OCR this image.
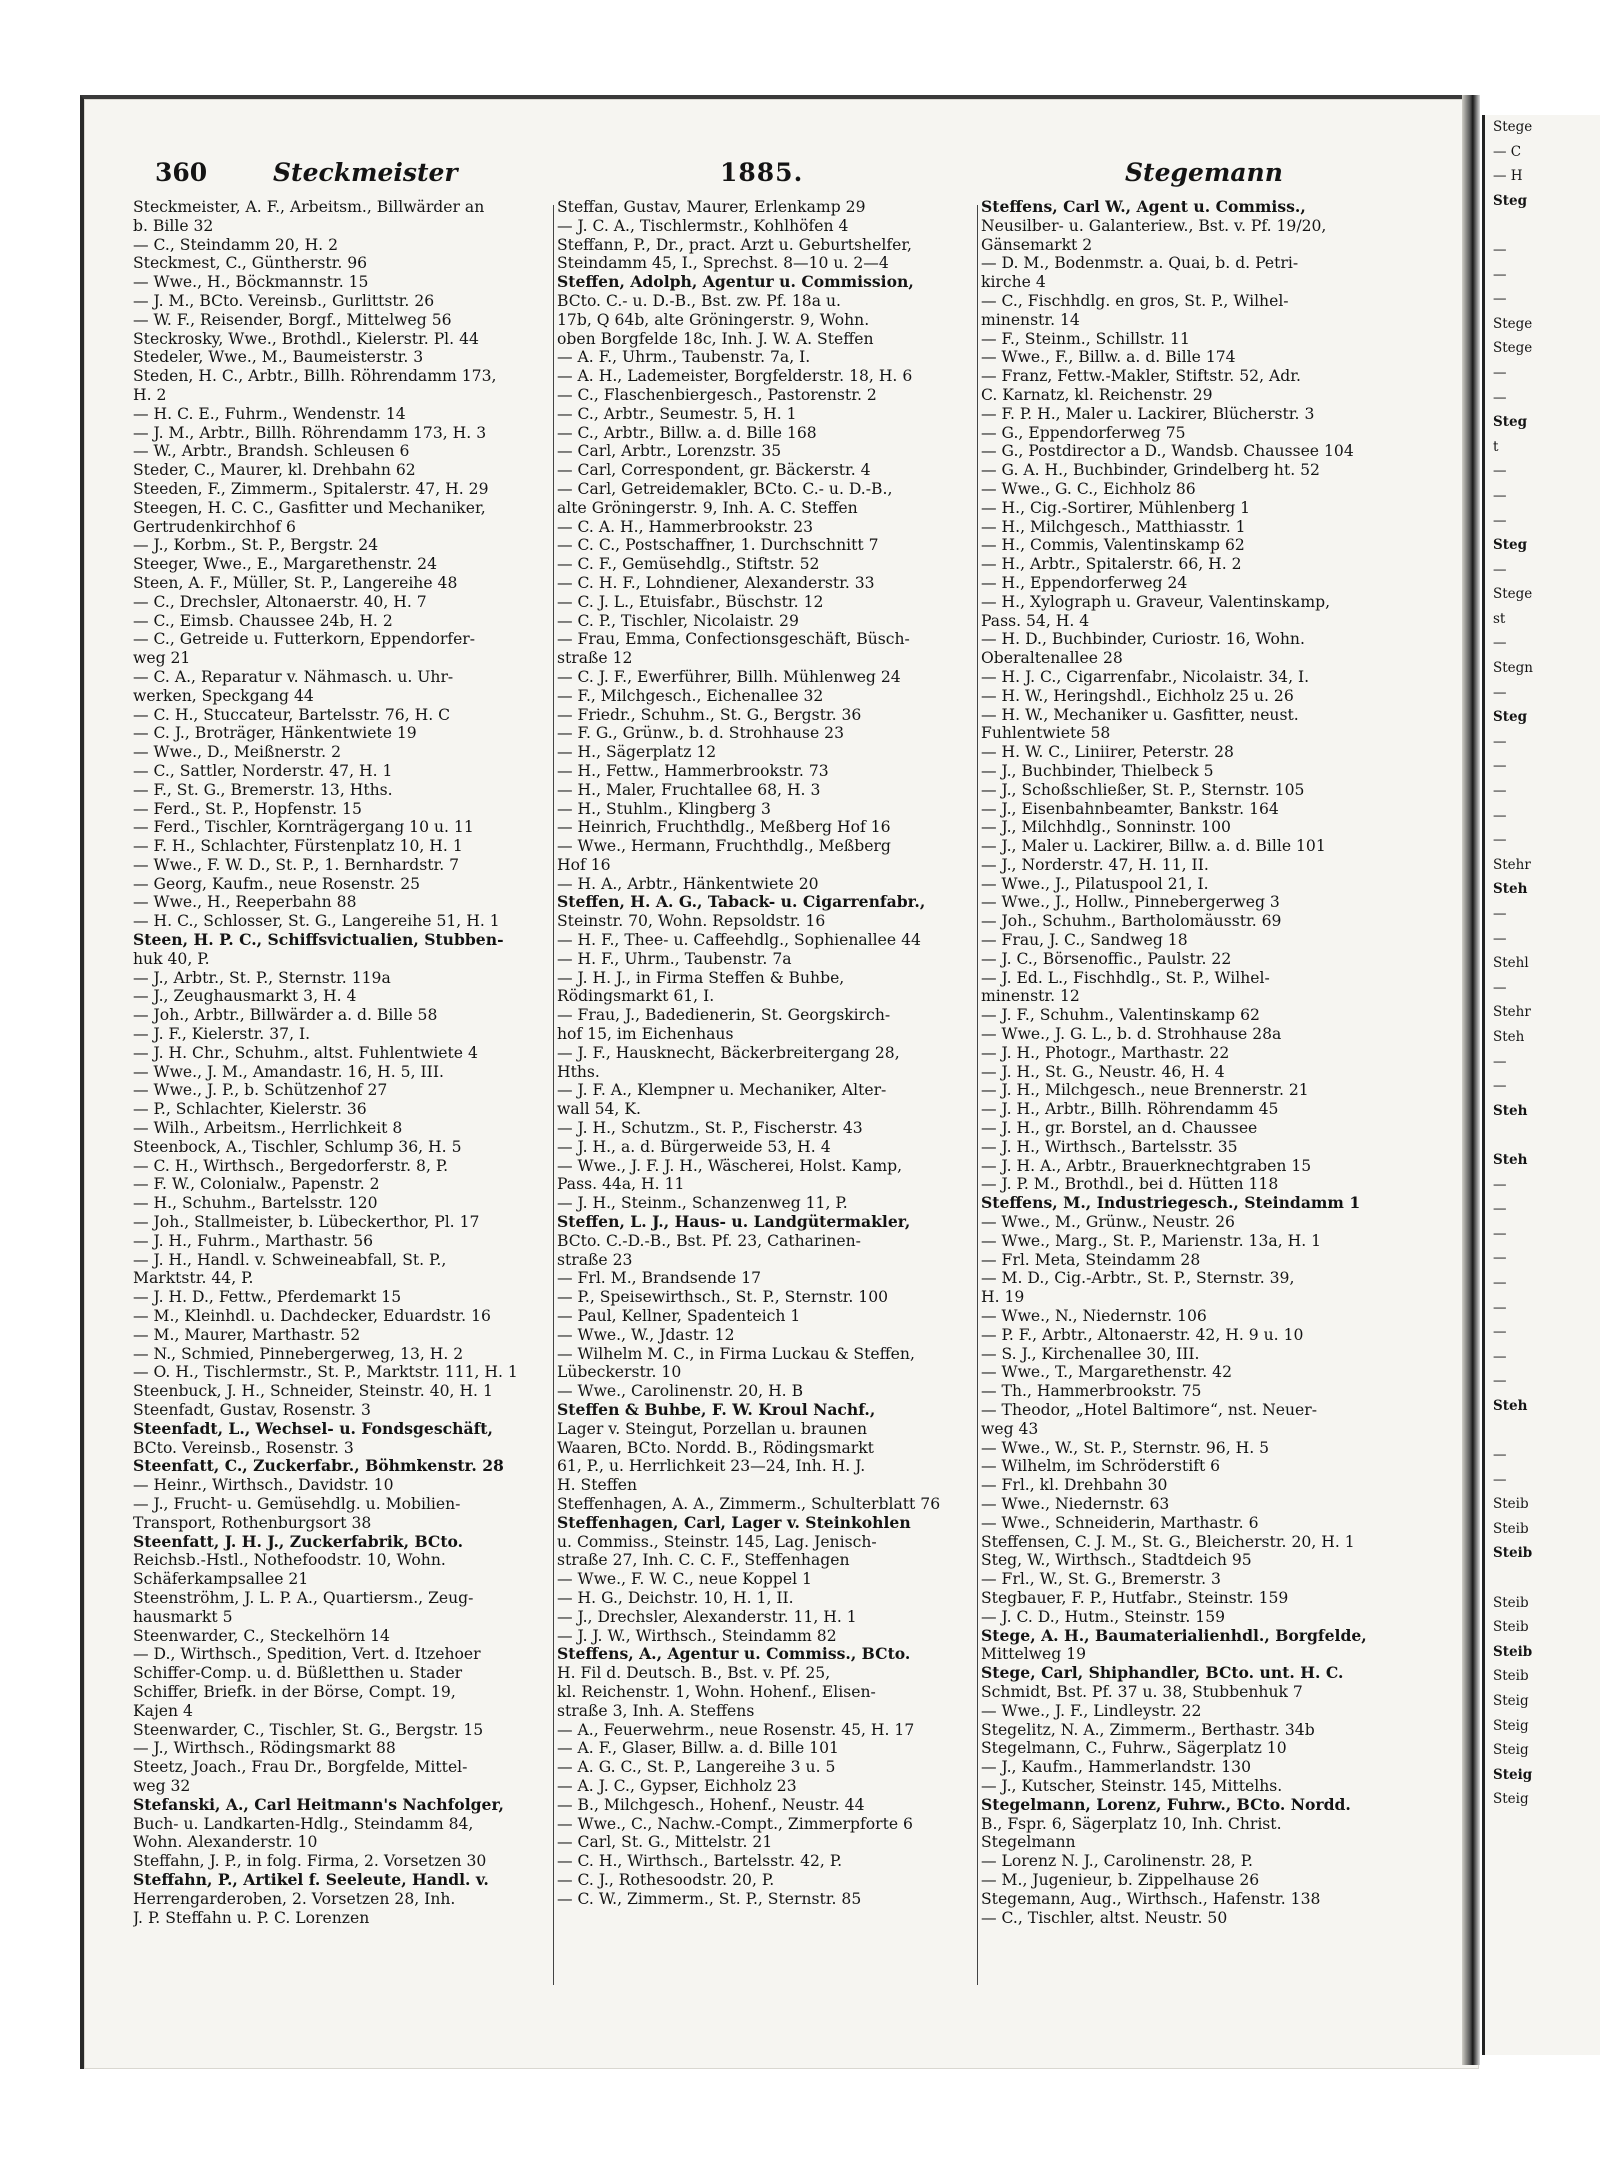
Stege
— C
— H
Steg

—
—
—
Stege
Stege
—
—
Steg
t
—
—
—
Steg
—
Stege
st
—
Stegn
—
Steg
—
—
—
—
—
Stehr
Steh
—
—
Stehl
—
Stehr
Steh
—
—
Steh

Steh
—
—
—
—
—
—
—
—
—
Steh

—
—
Steib
Steib
Steib

Steib
Steib
Steib
Steib
Steig
Steig
Steig
Steig
Steig
360	Steckmeister	1885.	Stegemann
Steckmeister, A. F., Arbeitsm., Billwärder an
b. Bille 32
— C., Steindamm 20, H. 2
Steckmest, C., Güntherstr. 96
— Wwe., H., Böckmannstr. 15
— J. M., BCto. Vereinsb., Gurlittstr. 26
— W. F., Reisender, Borgf., Mittelweg 56
Steckrosky, Wwe., Brothdl., Kielerstr. Pl. 44
Stedeler, Wwe., M., Baumeisterstr. 3
Steden, H. C., Arbtr., Billh. Röhrendamm 173,
H. 2
— H. C. E., Fuhrm., Wendenstr. 14
— J. M., Arbtr., Billh. Röhrendamm 173, H. 3
— W., Arbtr., Brandsh. Schleusen 6
Steder, C., Maurer, kl. Drehbahn 62
Steeden, F., Zimmerm., Spitalerstr. 47, H. 29
Steegen, H. C. C., Gasfitter und Mechaniker,
Gertrudenkirchhof 6
— J., Korbm., St. P., Bergstr. 24
Steeger, Wwe., E., Margarethenstr. 24
Steen, A. F., Müller, St. P., Langereihe 48
— C., Drechsler, Altonaerstr. 40, H. 7
— C., Eimsb. Chaussee 24b, H. 2
— C., Getreide u. Futterkorn, Eppendorfer-
weg 21
— C. A., Reparatur v. Nähmasch. u. Uhr-
werken, Speckgang 44
— C. H., Stuccateur, Bartelsstr. 76, H. C
— C. J., Broträger, Hänkentwiete 19
— Wwe., D., Meißnerstr. 2
— C., Sattler, Norderstr. 47, H. 1
— F., St. G., Bremerstr. 13, Hths.
— Ferd., St. P., Hopfenstr. 15
— Ferd., Tischler, Kornträgergang 10 u. 11
— F. H., Schlachter, Fürstenplatz 10, H. 1
— Wwe., F. W. D., St. P., 1. Bernhardstr. 7
— Georg, Kaufm., neue Rosenstr. 25
— Wwe., H., Reeperbahn 88
— H. C., Schlosser, St. G., Langereihe 51, H. 1
Steen, H. P. C., Schiffsvictualien, Stubben-
huk 40, P.
— J., Arbtr., St. P., Sternstr. 119a
— J., Zeughausmarkt 3, H. 4
— Joh., Arbtr., Billwärder a. d. Bille 58
— J. F., Kielerstr. 37, I.
— J. H. Chr., Schuhm., altst. Fuhlentwiete 4
— Wwe., J. M., Amandastr. 16, H. 5, III.
— Wwe., J. P., b. Schützenhof 27
— P., Schlachter, Kielerstr. 36
— Wilh., Arbeitsm., Herrlichkeit 8
Steenbock, A., Tischler, Schlump 36, H. 5
— C. H., Wirthsch., Bergedorferstr. 8, P.
— F. W., Colonialw., Papenstr. 2
— H., Schuhm., Bartelsstr. 120
— Joh., Stallmeister, b. Lübeckerthor, Pl. 17
— J. H., Fuhrm., Marthastr. 56
— J. H., Handl. v. Schweineabfall, St. P.,
Marktstr. 44, P.
— J. H. D., Fettw., Pferdemarkt 15
— M., Kleinhdl. u. Dachdecker, Eduardstr. 16
— M., Maurer, Marthastr. 52
— N., Schmied, Pinnebergerweg, 13, H. 2
— O. H., Tischlermstr., St. P., Marktstr. 111, H. 1
Steenbuck, J. H., Schneider, Steinstr. 40, H. 1
Steenfadt, Gustav, Rosenstr. 3
Steenfadt, L., Wechsel- u. Fondsgeschäft,
BCto. Vereinsb., Rosenstr. 3
Steenfatt, C., Zuckerfabr., Böhmkenstr. 28
— Heinr., Wirthsch., Davidstr. 10
— J., Frucht- u. Gemüsehdlg. u. Mobilien-
Transport, Rothenburgsort 38
Steenfatt, J. H. J., Zuckerfabrik, BCto.
Reichsb.-Hstl., Nothefoodstr. 10, Wohn.
Schäferkampsallee 21
Steenströhm, J. L. P. A., Quartiersm., Zeug-
hausmarkt 5
Steenwarder, C., Steckelhörn 14
— D., Wirthsch., Spedition, Vert. d. Itzehoer
Schiffer-Comp. u. d. Büßletthen u. Stader
Schiffer, Briefk. in der Börse, Compt. 19,
Kajen 4
Steenwarder, C., Tischler, St. G., Bergstr. 15
— J., Wirthsch., Rödingsmarkt 88
Steetz, Joach., Frau Dr., Borgfelde, Mittel-
weg 32
Stefanski, A., Carl Heitmann's Nachfolger,
Buch- u. Landkarten-Hdlg., Steindamm 84,
Wohn. Alexanderstr. 10
Steffahn, J. P., in folg. Firma, 2. Vorsetzen 30
Steffahn, P., Artikel f. Seeleute, Handl. v.
Herrengarderoben, 2. Vorsetzen 28, Inh.
J. P. Steffahn u. P. C. Lorenzen
Steffan, Gustav, Maurer, Erlenkamp 29
— J. C. A., Tischlermstr., Kohlhöfen 4
Steffann, P., Dr., pract. Arzt u. Geburtshelfer,
Steindamm 45, I., Sprechst. 8—10 u. 2—4
Steffen, Adolph, Agentur u. Commission,
BCto. C.- u. D.-B., Bst. zw. Pf. 18a u.
17b, Q 64b, alte Gröningerstr. 9, Wohn.
oben Borgfelde 18c, Inh. J. W. A. Steffen
— A. F., Uhrm., Taubenstr. 7a, I.
— A. H., Lademeister, Borgfelderstr. 18, H. 6
— C., Flaschenbiergesch., Pastorenstr. 2
— C., Arbtr., Seumestr. 5, H. 1
— C., Arbtr., Billw. a. d. Bille 168
— Carl, Arbtr., Lorenzstr. 35
— Carl, Correspondent, gr. Bäckerstr. 4
— Carl, Getreidemakler, BCto. C.- u. D.-B.,
alte Gröningerstr. 9, Inh. A. C. Steffen
— C. A. H., Hammerbrookstr. 23
— C. C., Postschaffner, 1. Durchschnitt 7
— C. F., Gemüsehdlg., Stiftstr. 52
— C. H. F., Lohndiener, Alexanderstr. 33
— C. J. L., Etuisfabr., Büschstr. 12
— C. P., Tischler, Nicolaistr. 29
— Frau, Emma, Confectionsgeschäft, Büsch-
straße 12
— C. J. F., Ewerführer, Billh. Mühlenweg 24
— F., Milchgesch., Eichenallee 32
— Friedr., Schuhm., St. G., Bergstr. 36
— F. G., Grünw., b. d. Strohhause 23
— H., Sägerplatz 12
— H., Fettw., Hammerbrookstr. 73
— H., Maler, Fruchtallee 68, H. 3
— H., Stuhlm., Klingberg 3
— Heinrich, Fruchthdlg., Meßberg Hof 16
— Wwe., Hermann, Fruchthdlg., Meßberg
Hof 16
— H. A., Arbtr., Hänkentwiete 20
Steffen, H. A. G., Taback- u. Cigarrenfabr.,
Steinstr. 70, Wohn. Repsoldstr. 16
— H. F., Thee- u. Caffeehdlg., Sophienallee 44
— H. F., Uhrm., Taubenstr. 7a
— J. H. J., in Firma Steffen & Buhbe,
Rödingsmarkt 61, I.
— Frau, J., Badedienerin, St. Georgskirch-
hof 15, im Eichenhaus
— J. F., Hausknecht, Bäckerbreitergang 28,
Hths.
— J. F. A., Klempner u. Mechaniker, Alter-
wall 54, K.
— J. H., Schutzm., St. P., Fischerstr. 43
— J. H., a. d. Bürgerweide 53, H. 4
— Wwe., J. F. J. H., Wäscherei, Holst. Kamp,
Pass. 44a, H. 11
— J. H., Steinm., Schanzenweg 11, P.
Steffen, L. J., Haus- u. Landgütermakler,
BCto. C.-D.-B., Bst. Pf. 23, Catharinen-
straße 23
— Frl. M., Brandsende 17
— P., Speisewirthsch., St. P., Sternstr. 100
— Paul, Kellner, Spadenteich 1
— Wwe., W., Jdastr. 12
— Wilhelm M. C., in Firma Luckau & Steffen,
Lübeckerstr. 10
— Wwe., Carolinenstr. 20, H. B
Steffen & Buhbe, F. W. Kroul Nachf.,
Lager v. Steingut, Porzellan u. braunen
Waaren, BCto. Nordd. B., Rödingsmarkt
61, P., u. Herrlichkeit 23—24, Inh. H. J.
H. Steffen
Steffenhagen, A. A., Zimmerm., Schulterblatt 76
Steffenhagen, Carl, Lager v. Steinkohlen
u. Commiss., Steinstr. 145, Lag. Jenisch-
straße 27, Inh. C. C. F., Steffenhagen
— Wwe., F. W. C., neue Koppel 1
— H. G., Deichstr. 10, H. 1, II.
— J., Drechsler, Alexanderstr. 11, H. 1
— J. J. W., Wirthsch., Steindamm 82
Steffens, A., Agentur u. Commiss., BCto.
H. Fil d. Deutsch. B., Bst. v. Pf. 25,
kl. Reichenstr. 1, Wohn. Hohenf., Elisen-
straße 3, Inh. A. Steffens
— A., Feuerwehrm., neue Rosenstr. 45, H. 17
— A. F., Glaser, Billw. a. d. Bille 101
— A. G. C., St. P., Langereihe 3 u. 5
— A. J. C., Gypser, Eichholz 23
— B., Milchgesch., Hohenf., Neustr. 44
— Wwe., C., Nachw.-Compt., Zimmerpforte 6
— Carl, St. G., Mittelstr. 21
— C. H., Wirthsch., Bartelsstr. 42, P.
— C. J., Rothesoodstr. 20, P.
— C. W., Zimmerm., St. P., Sternstr. 85
Steffens, Carl W., Agent u. Commiss.,
Neusilber- u. Galanteriew., Bst. v. Pf. 19/20,
Gänsemarkt 2
— D. M., Bodenmstr. a. Quai, b. d. Petri-
kirche 4
— C., Fischhdlg. en gros, St. P., Wilhel-
minenstr. 14
— F., Steinm., Schillstr. 11
— Wwe., F., Billw. a. d. Bille 174
— Franz, Fettw.-Makler, Stiftstr. 52, Adr.
C. Karnatz, kl. Reichenstr. 29
— F. P. H., Maler u. Lackirer, Blücherstr. 3
— G., Eppendorferweg 75
— G., Postdirector a D., Wandsb. Chaussee 104
— G. A. H., Buchbinder, Grindelberg ht. 52
— Wwe., G. C., Eichholz 86
— H., Cig.-Sortirer, Mühlenberg 1
— H., Milchgesch., Matthiasstr. 1
— H., Commis, Valentinskamp 62
— H., Arbtr., Spitalerstr. 66, H. 2
— H., Eppendorferweg 24
— H., Xylograph u. Graveur, Valentinskamp,
Pass. 54, H. 4
— H. D., Buchbinder, Curiostr. 16, Wohn.
Oberaltenallee 28
— H. J. C., Cigarrenfabr., Nicolaistr. 34, I.
— H. W., Heringshdl., Eichholz 25 u. 26
— H. W., Mechaniker u. Gasfitter, neust.
Fuhlentwiete 58
— H. W. C., Liniirer, Peterstr. 28
— J., Buchbinder, Thielbeck 5
— J., Schoßschließer, St. P., Sternstr. 105
— J., Eisenbahnbeamter, Bankstr. 164
— J., Milchhdlg., Sonninstr. 100
— J., Maler u. Lackirer, Billw. a. d. Bille 101
— J., Norderstr. 47, H. 11, II.
— Wwe., J., Pilatuspool 21, I.
— Wwe., J., Hollw., Pinnebergerweg 3
— Joh., Schuhm., Bartholomäusstr. 69
— Frau, J. C., Sandweg 18
— J. C., Börsenoffic., Paulstr. 22
— J. Ed. L., Fischhdlg., St. P., Wilhel-
minenstr. 12
— J. F., Schuhm., Valentinskamp 62
— Wwe., J. G. L., b. d. Strohhause 28a
— J. H., Photogr., Marthastr. 22
— J. H., St. G., Neustr. 46, H. 4
— J. H., Milchgesch., neue Brennerstr. 21
— J. H., Arbtr., Billh. Röhrendamm 45
— J. H., gr. Borstel, an d. Chaussee
— J. H., Wirthsch., Bartelsstr. 35
— J. H. A., Arbtr., Brauerknechtgraben 15
— J. P. M., Brothdl., bei d. Hütten 118
Steffens, M., Industriegesch., Steindamm 1
— Wwe., M., Grünw., Neustr. 26
— Wwe., Marg., St. P., Marienstr. 13a, H. 1
— Frl. Meta, Steindamm 28
— M. D., Cig.-Arbtr., St. P., Sternstr. 39,
H. 19
— Wwe., N., Niedernstr. 106
— P. F., Arbtr., Altonaerstr. 42, H. 9 u. 10
— S. J., Kirchenallee 30, III.
— Wwe., T., Margarethenstr. 42
— Th., Hammerbrookstr. 75
— Theodor, „Hotel Baltimore“, nst. Neuer-
weg 43
— Wwe., W., St. P., Sternstr. 96, H. 5
— Wilhelm, im Schröderstift 6
— Frl., kl. Drehbahn 30
— Wwe., Niedernstr. 63
— Wwe., Schneiderin, Marthastr. 6
Steffensen, C. J. M., St. G., Bleicherstr. 20, H. 1
Steg, W., Wirthsch., Stadtdeich 95
— Frl., W., St. G., Bremerstr. 3
Stegbauer, F. P., Hutfabr., Steinstr. 159
— J. C. D., Hutm., Steinstr. 159
Stege, A. H., Baumaterialienhdl., Borgfelde,
Mittelweg 19
Stege, Carl, Shiphandler, BCto. unt. H. C.
Schmidt, Bst. Pf. 37 u. 38, Stubbenhuk 7
— Wwe., J. F., Lindleystr. 22
Stegelitz, N. A., Zimmerm., Berthastr. 34b
Stegelmann, C., Fuhrw., Sägerplatz 10
— J., Kaufm., Hammerlandstr. 130
— J., Kutscher, Steinstr. 145, Mittelhs.
Stegelmann, Lorenz, Fuhrw., BCto. Nordd.
B., Fspr. 6, Sägerplatz 10, Inh. Christ.
Stegelmann
— Lorenz N. J., Carolinenstr. 28, P.
— M., Jugenieur, b. Zippelhause 26
Stegemann, Aug., Wirthsch., Hafenstr. 138
— C., Tischler, altst. Neustr. 50
